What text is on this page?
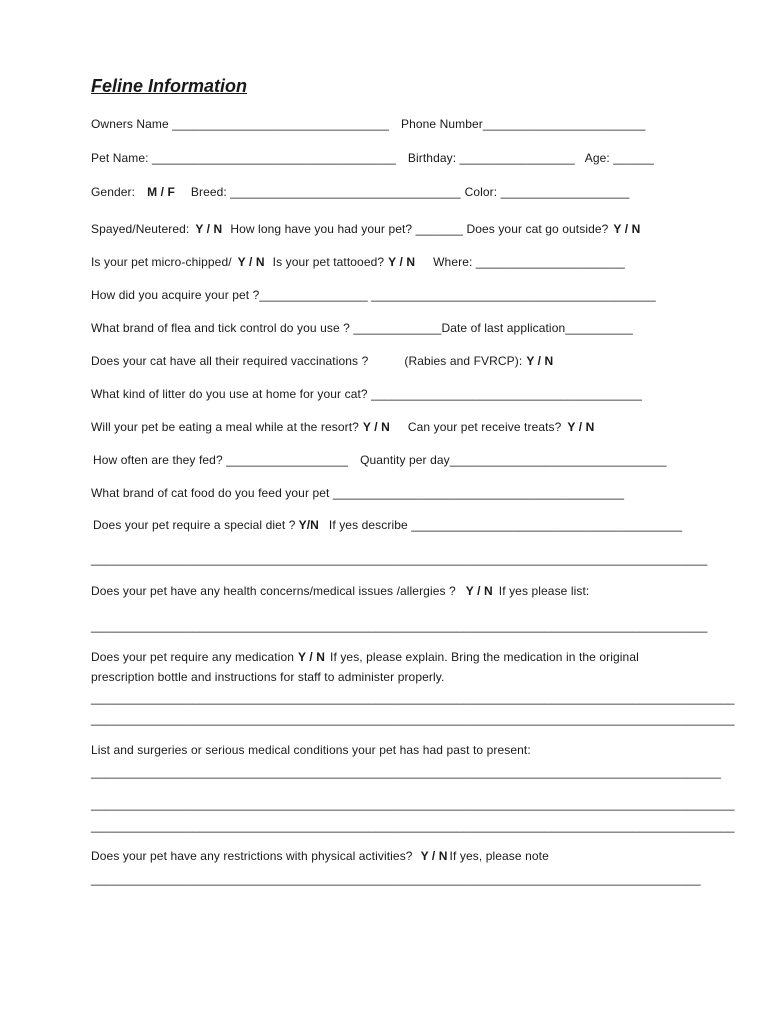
Feline Information
Owners Name ________________________________ Phone Number________________________
Pet Name: ____________________________________ Birthday: _________________ Age: ______
Gender: M / F Breed: __________________________________ Color: ___________________
Spayed/Neutered: Y / N How long have you had your pet? _______ Does your cat go outside? Y / N
Is your pet micro-chipped/ Y / N Is your pet tattooed? Y / N Where: ______________________
How did you acquire your pet ?________________ __________________________________________
What brand of flea and tick control do you use ? _____________Date of last application__________
Does your cat have all their required vaccinations ?	(Rabies and FVRCP): Y / N
What kind of litter do you use at home for your cat? ________________________________________
Will your pet be eating a meal while at the resort? Y / N Can your pet receive treats? Y / N
How often are they fed? __________________ Quantity per day________________________________
What brand of cat food do you feed your pet ___________________________________________
Does your pet require a special diet ? Y/N If yes describe ________________________________________
___________________________________________________________________________________________
Does your pet have any health concerns/medical issues /allergies ? Y / N If yes please list:
___________________________________________________________________________________________
Does your pet require any medication Y / N If yes, please explain. Bring the medication in the original
prescription bottle and instructions for staff to administer properly.
_______________________________________________________________________________________________
_______________________________________________________________________________________________
List and surgeries or serious medical conditions your pet has had past to present:
_____________________________________________________________________________________________
_______________________________________________________________________________________________
_______________________________________________________________________________________________
Does your pet have any restrictions with physical activities? Y / N If yes, please note
__________________________________________________________________________________________
